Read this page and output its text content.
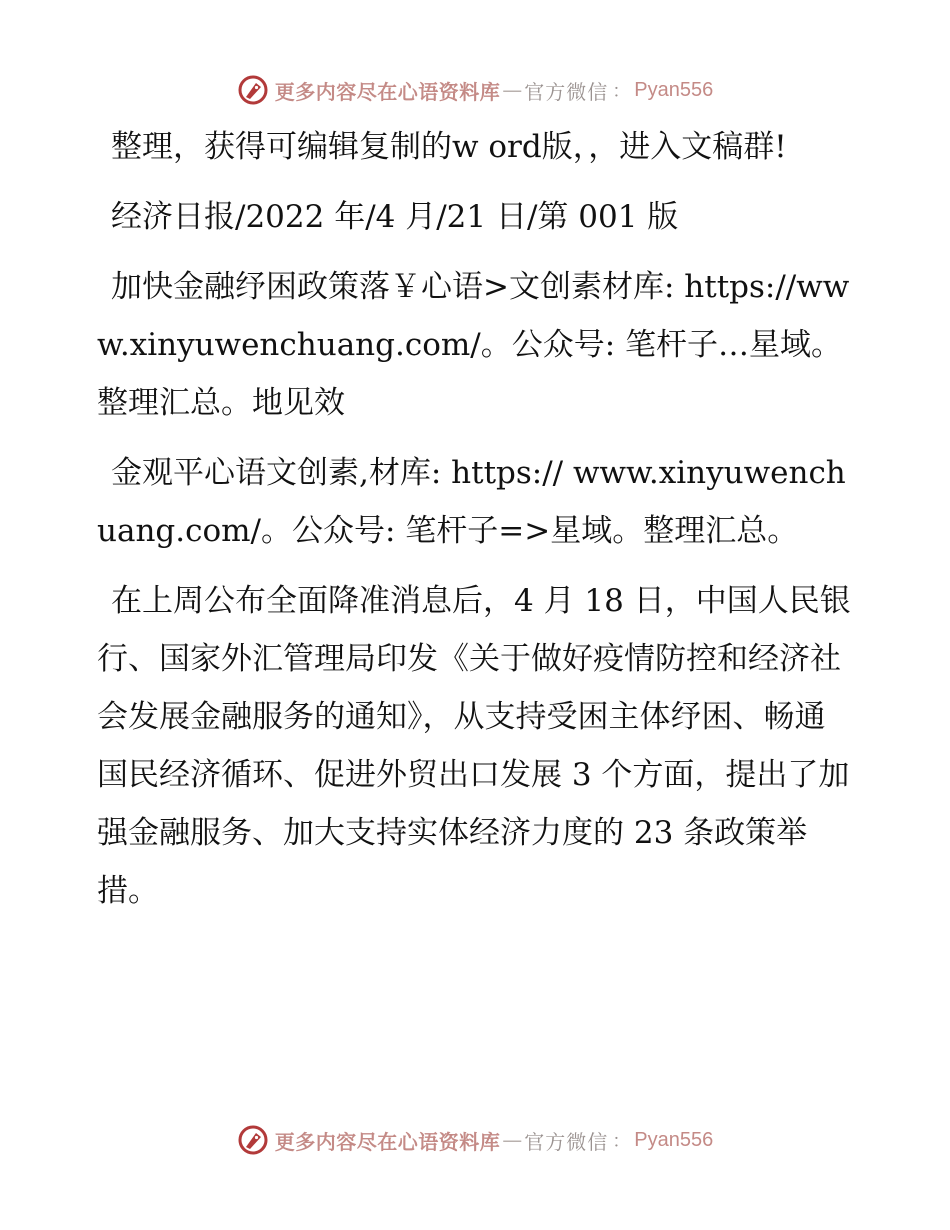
更多内容尽在心语资料库 — 官方微信 ： Pyan556

整理，获得可编辑复制的w ord版，，进入文稿群!

经济日报/2022 年/4 月/21 日/第 001 版

加快金融纾困政策落￥心语>文创素材库: https://www.xinyuwenchuang.com/。公众号: 笔杆子…星域。整理汇总。地见效

金观平心语文创素,材库: https:// www.xinyuwenchuang.com/。公众号: 笔杆子=>星域。整理汇总。

在上周公布全面降准消息后，4 月 18 日，中国人民银行、国家外汇管理局印发《关于做好疫情防控和经济社会发展金融服务的通知》，从支持受困主体纾困、畅通国民经济循环、促进外贸出口发展 3 个方面，提出了加强金融服务、加大支持实体经济力度的 23 条政策举措。

更多内容尽在心语资料库 — 官方微信 ： Pyan556
